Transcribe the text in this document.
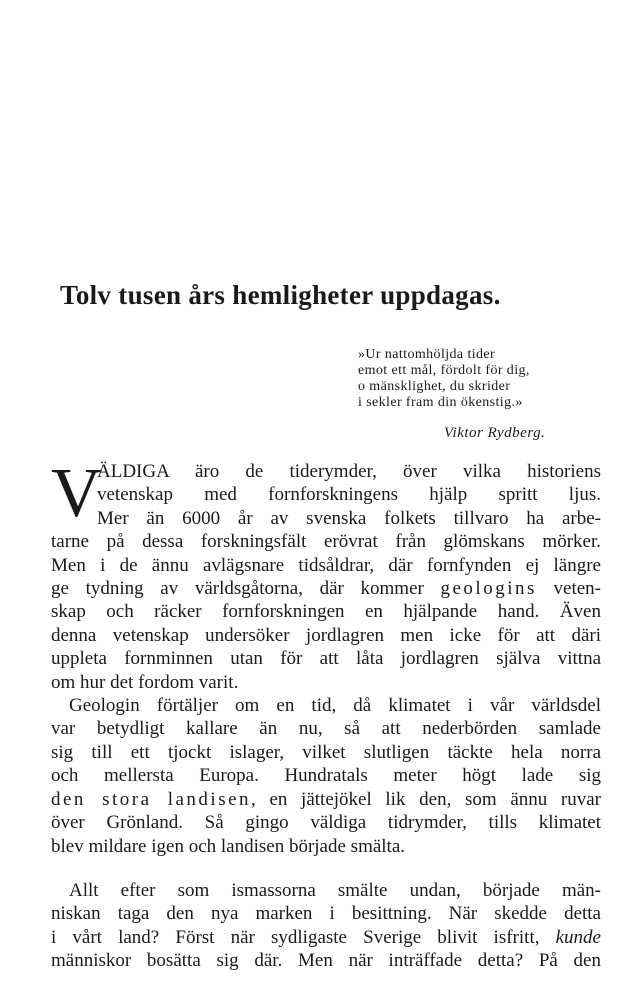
Tolv tusen års hemligheter uppdagas.
»Ur nattomhöljda tider
emot ett mål, fördolt för dig,
o mänsklighet, du skrider
i sekler fram din ökenstig.»
Viktor Rydberg.
V
ÄLDIGA äro de tiderymder, över vilka historiens
vetenskap med fornforskningens hjälp spritt ljus.
Mer än 6000 år av svenska folkets tillvaro ha arbe-
tarne på dessa forskningsfält erövrat från glömskans mörker.
Men i de ännu avlägsnare tidsåldrar, där fornfynden ej längre
ge tydning av världsgåtorna, där kommer geologins veten-
skap och räcker fornforskningen en hjälpande hand. Även
denna vetenskap undersöker jordlagren men icke för att däri
uppleta fornminnen utan för att låta jordlagren själva vittna
om hur det fordom varit.
Geologin förtäljer om en tid, då klimatet i vår världsdel
var betydligt kallare än nu, så att nederbörden samlade
sig till ett tjockt islager, vilket slutligen täckte hela norra
och mellersta Europa. Hundratals meter högt lade sig
den stora landisen, en jättejökel lik den, som ännu ruvar
över Grönland. Så gingo väldiga tidrymder, tills klimatet
blev mildare igen och landisen började smälta.
Allt efter som ismassorna smälte undan, började män-
niskan taga den nya marken i besittning. När skedde detta
i vårt land? Först när sydligaste Sverige blivit isfritt, kunde
människor bosätta sig där. Men när inträffade detta? På den
